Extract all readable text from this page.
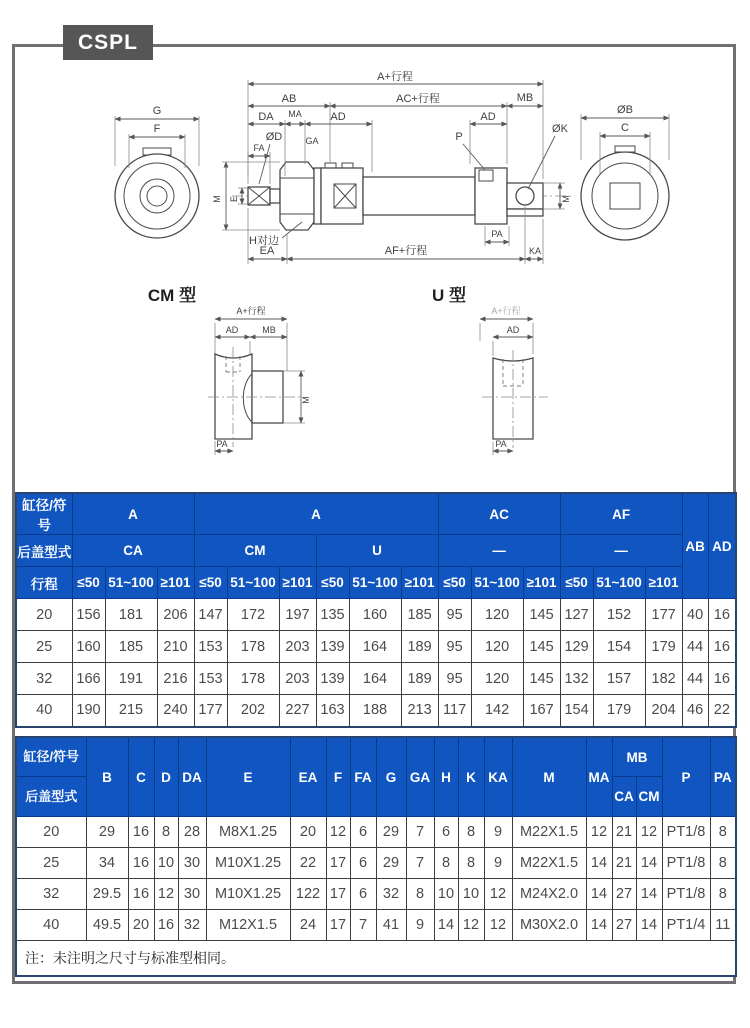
CSPL
G
F
A+行程
AB	AC+行程	MB
DA MA	AD	AD
ØD	GA
FA
P
ØK
M E
H对边
EA	AF+行程	KA
PA
M
ØB
C
CM 型
A+行程
AD	MB
M
PA
U 型
A+行程
AD
PA
缸径/符号	A			A						AC			AF			AB	AD
后盖型式	CA			CM			U			—			—				
行程	≤50	51~100	≥101	≤50	51~100	≥101	≤50	51~100	≥101	≤50	51~100	≥101	≤50	51~100	≥101		
20	156	181	206	147	172	197	135	160	185	95	120	145	127	152	177	40	16
25	160	185	210	153	178	203	139	164	189	95	120	145	129	154	179	44	16
32	166	191	216	153	178	203	139	164	189	95	120	145	132	157	182	44	16
40	190	215	240	177	202	227	163	188	213	117	142	167	154	179	204	46	22
缸径/符号
后盖型式	B	C	D	DA	E	EA	F	FA	G	GA	H	K	KA	M	MA	MB		P	PA
																CA	CM		
20	29	16	8	28	M8X1.25	20	12	6	29	7	6	8	9	M22X1.5	12	21	12	PT1/8	8
25	34	16	10	30	M10X1.25	22	17	6	29	7	8	8	9	M22X1.5	14	21	14	PT1/8	8
32	29.5	16	12	30	M10X1.25	122	17	6	32	8	10	10	12	M24X2.0	14	27	14	PT1/8	8
40	49.5	20	16	32	M12X1.5	24	17	7	41	9	14	12	12	M30X2.0	14	27	14	PT1/4	11
注：未注明之尺寸与标准型相同。																			
